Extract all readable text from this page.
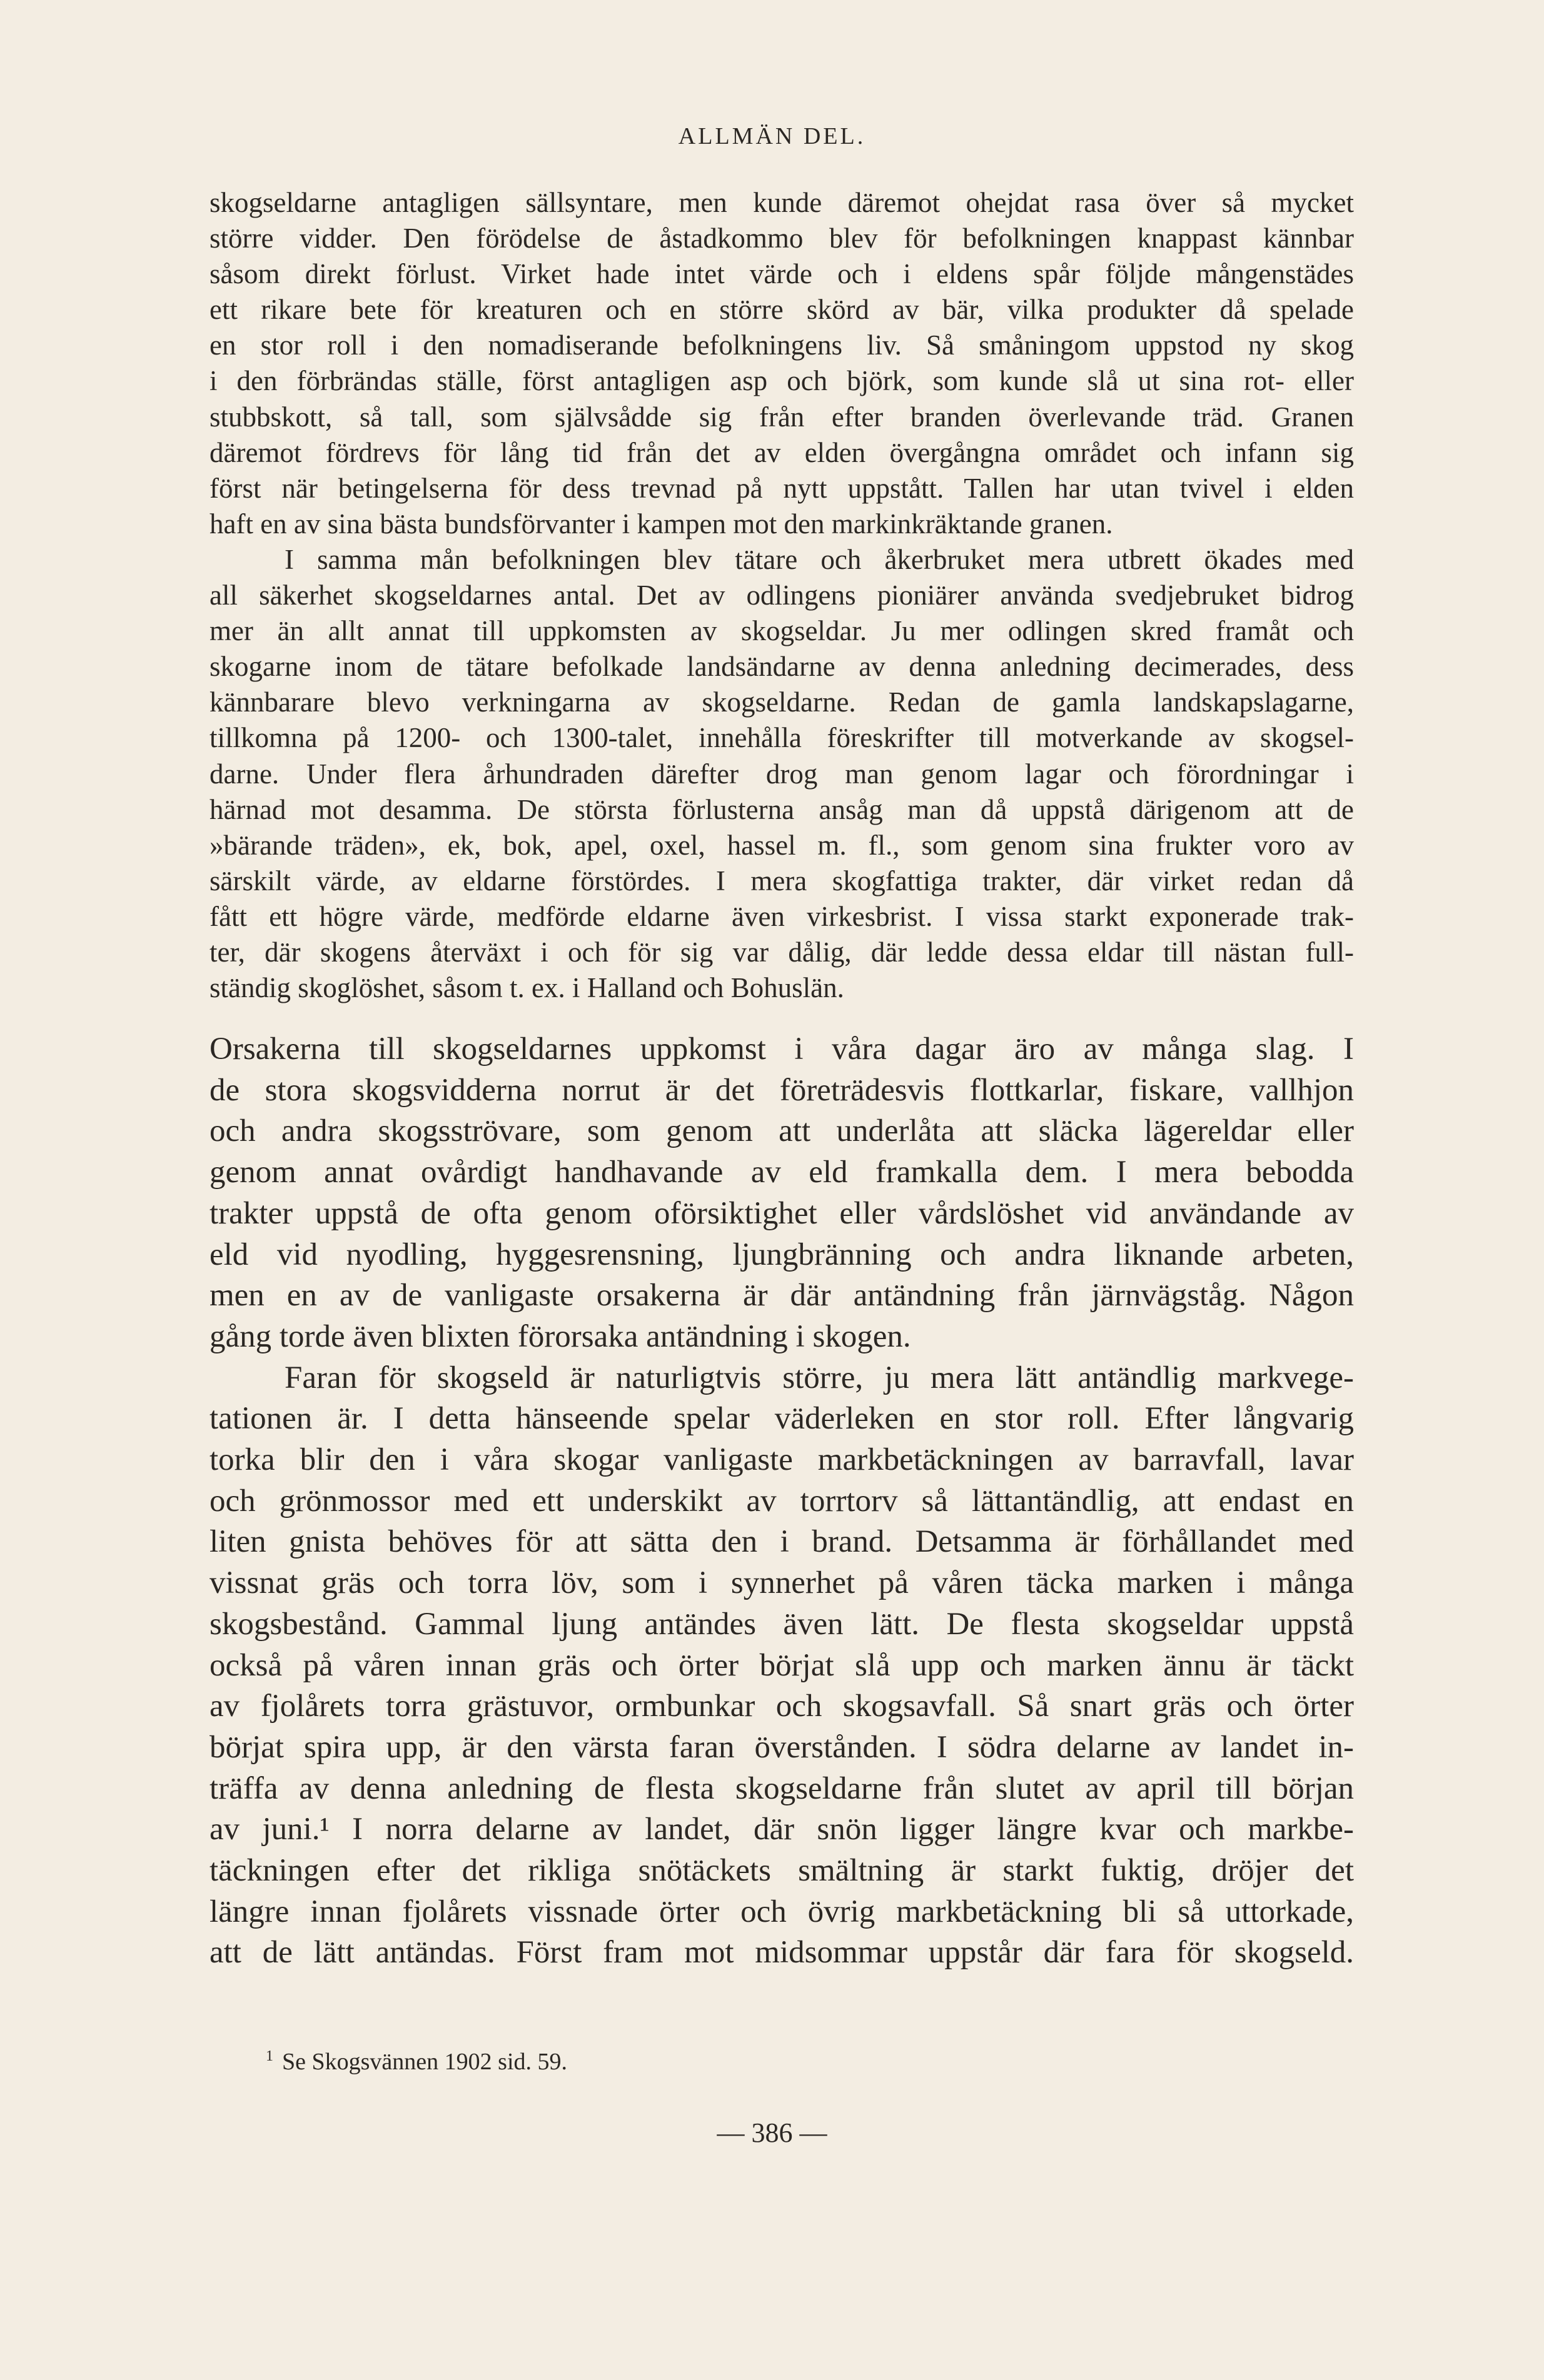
ALLMÄN DEL.
skogseldarne antagligen sällsyntare, men kunde däremot ohejdat rasa över så mycket
större vidder. Den förödelse de åstadkommo blev för befolkningen knappast kännbar
såsom direkt förlust. Virket hade intet värde och i eldens spår följde mångenstädes
ett rikare bete för kreaturen och en större skörd av bär, vilka produkter då spelade
en stor roll i den nomadiserande befolkningens liv. Så småningom uppstod ny skog
i den förbrändas ställe, först antagligen asp och björk, som kunde slå ut sina rot- eller
stubbskott, så tall, som självsådde sig från efter branden överlevande träd. Granen
däremot fördrevs för lång tid från det av elden övergångna området och infann sig
först när betingelserna för dess trevnad på nytt uppstått. Tallen har utan tvivel i elden
haft en av sina bästa bundsförvanter i kampen mot den markinkräktande granen.
I samma mån befolkningen blev tätare och åkerbruket mera utbrett ökades med
all säkerhet skogseldarnes antal. Det av odlingens pioniärer använda svedjebruket bidrog
mer än allt annat till uppkomsten av skogseldar. Ju mer odlingen skred framåt och
skogarne inom de tätare befolkade landsändarne av denna anledning decimerades, dess
kännbarare blevo verkningarna av skogseldarne. Redan de gamla landskapslagarne,
tillkomna på 1200- och 1300-talet, innehålla föreskrifter till motverkande av skogsel-
darne. Under flera århundraden därefter drog man genom lagar och förordningar i
härnad mot desamma. De största förlusterna ansåg man då uppstå därigenom att de
»bärande träden», ek, bok, apel, oxel, hassel m. fl., som genom sina frukter voro av
särskilt värde, av eldarne förstördes. I mera skogfattiga trakter, där virket redan då
fått ett högre värde, medförde eldarne även virkesbrist. I vissa starkt exponerade trak-
ter, där skogens återväxt i och för sig var dålig, där ledde dessa eldar till nästan full-
ständig skoglöshet, såsom t. ex. i Halland och Bohuslän.
Orsakerna till skogseldarnes uppkomst i våra dagar äro av många slag. I
de stora skogsvidderna norrut är det företrädesvis flottkarlar, fiskare, vallhjon
och andra skogsströvare, som genom att underlåta att släcka lägereldar eller
genom annat ovårdigt handhavande av eld framkalla dem. I mera bebodda
trakter uppstå de ofta genom oförsiktighet eller vårdslöshet vid användande av
eld vid nyodling, hyggesrensning, ljungbränning och andra liknande arbeten,
men en av de vanligaste orsakerna är där antändning från järnvägståg. Någon
gång torde även blixten förorsaka antändning i skogen.
Faran för skogseld är naturligtvis större, ju mera lätt antändlig markvege-
tationen är. I detta hänseende spelar väderleken en stor roll. Efter långvarig
torka blir den i våra skogar vanligaste markbetäckningen av barravfall, lavar
och grönmossor med ett underskikt av torrtorv så lättantändlig, att endast en
liten gnista behöves för att sätta den i brand. Detsamma är förhållandet med
vissnat gräs och torra löv, som i synnerhet på våren täcka marken i många
skogsbestånd. Gammal ljung antändes även lätt. De flesta skogseldar uppstå
också på våren innan gräs och örter börjat slå upp och marken ännu är täckt
av fjolårets torra grästuvor, ormbunkar och skogsavfall. Så snart gräs och örter
börjat spira upp, är den värsta faran överstånden. I södra delarne av landet in-
träffa av denna anledning de flesta skogseldarne från slutet av april till början
av juni.¹ I norra delarne av landet, där snön ligger längre kvar och markbe-
täckningen efter det rikliga snötäckets smältning är starkt fuktig, dröjer det
längre innan fjolårets vissnade örter och övrig markbetäckning bli så uttorkade,
att de lätt antändas. Först fram mot midsommar uppstår där fara för skogseld.
$^1$ Se Skogsvännen 1902 sid. 59.
— 386 —
